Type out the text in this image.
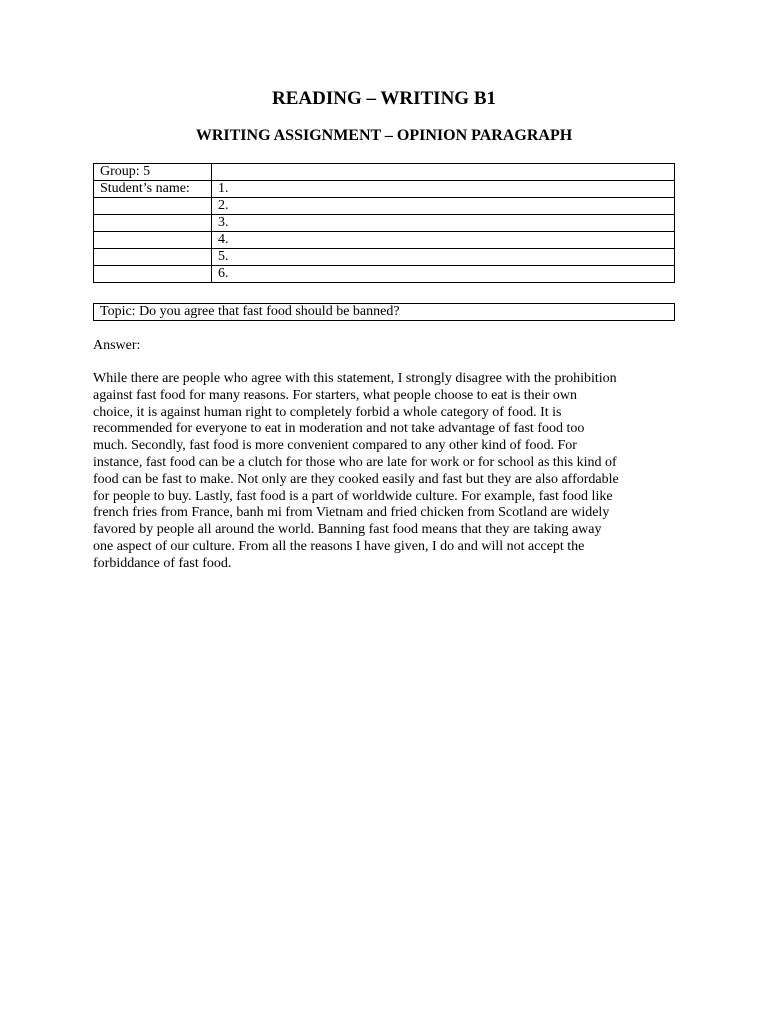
READING – WRITING B1
WRITING ASSIGNMENT – OPINION PARAGRAPH
Group: 5	
Student’s name:	1.
	2.
	3.
	4.
	5.
	6.
Topic: Do you agree that fast food should be banned?
Answer:
While there are people who agree with this statement, I strongly disagree with the prohibition
against fast food for many reasons. For starters, what people choose to eat is their own
choice, it is against human right to completely forbid a whole category of food. It is
recommended for everyone to eat in moderation and not take advantage of fast food too
much. Secondly, fast food is more convenient compared to any other kind of food. For
instance, fast food can be a clutch for those who are late for work or for school as this kind of
food can be fast to make. Not only are they cooked easily and fast but they are also affordable
for people to buy. Lastly, fast food is a part of worldwide culture. For example, fast food like
french fries from France, banh mi from Vietnam and fried chicken from Scotland are widely
favored by people all around the world. Banning fast food means that they are taking away
one aspect of our culture. From all the reasons I have given, I do and will not accept the
forbiddance of fast food.
